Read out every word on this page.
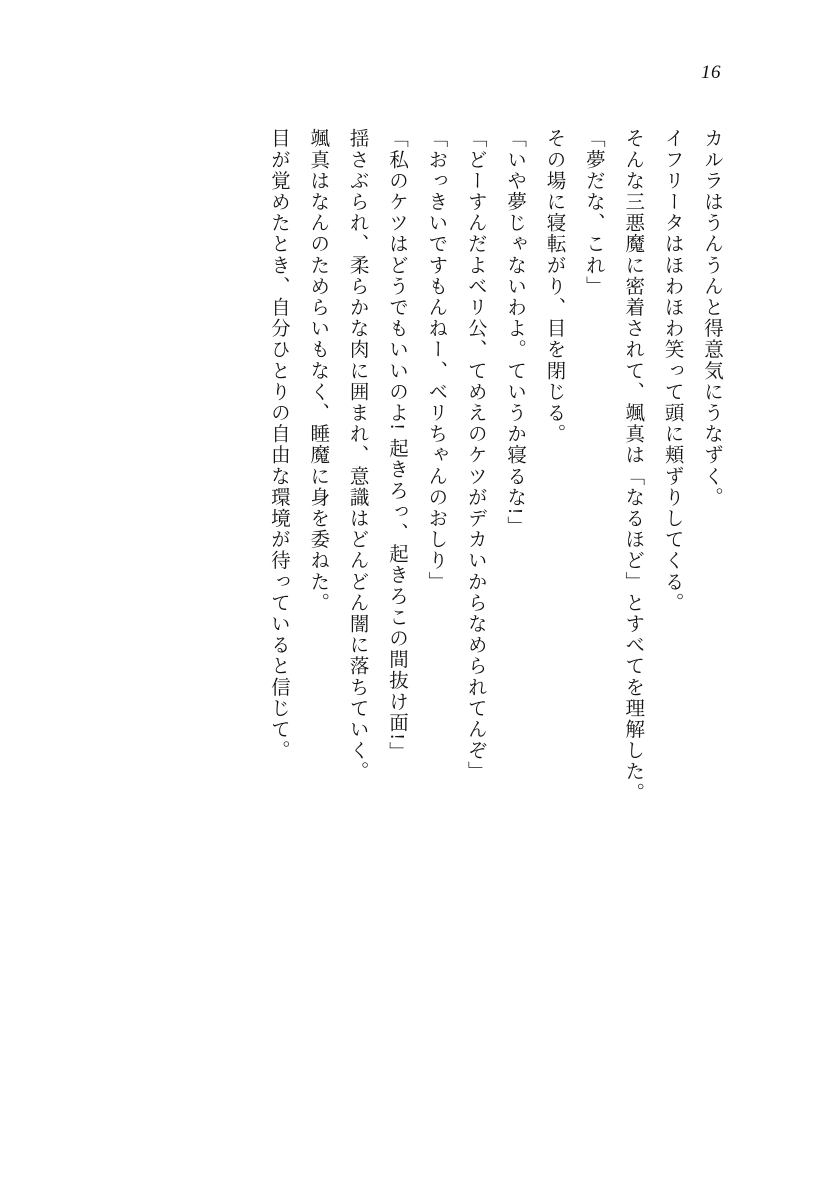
16

カルラはうんうんと得意気にうなずく。

イフリータはほわほわ笑って頭に頬ずりしてくる。

そんな三悪魔に密着されて、颯真は「なるほど」とすべてを理解した。

「夢だな、これ」

その場に寝転がり、目を閉じる。

「いや夢じゃないわよ。ていうか寝るな!」

「どーすんだよベリ公、てめえのケツがデカいからなめられてんぞ」

「おっきいですもんねー、ベリちゃんのおしり」

「私のケツはどうでもいいのよ! 起きろっ、起きろこの間抜け面!」

揺さぶられ、柔らかな肉に囲まれ、意識はどんどん闇に落ちていく。

颯真はなんのためらいもなく、睡魔に身を委ねた。

目が覚めたとき、自分ひとりの自由な環境が待っていると信じて。
